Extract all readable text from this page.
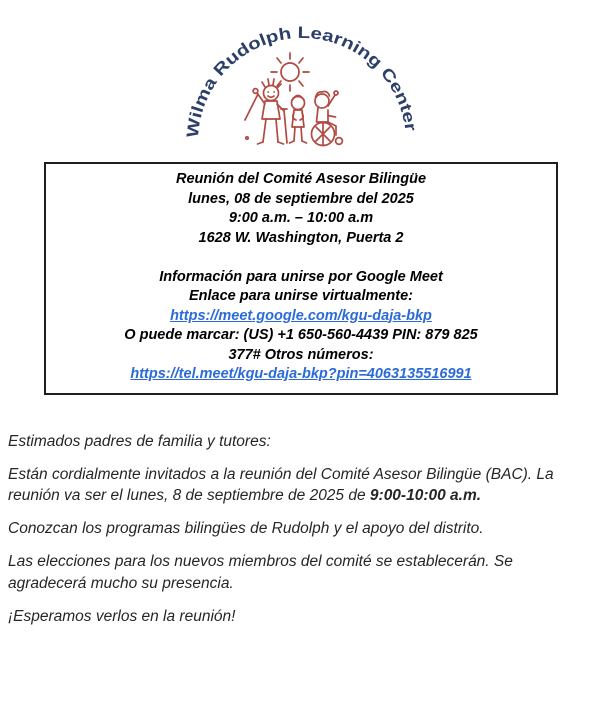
Wilma Rudolph Learning Center

Reunión del Comité Asesor Bilingüe

lunes, 08 de septiembre del 2025

9:00 a.m. – 10:00 a.m

1628 W. Washington, Puerta 2

Información para unirse por Google Meet

Enlace para unirse virtualmente:

https://meet.google.com/kgu-daja-bkp

O puede marcar: (US) +1 650-560-4439 PIN: 879 825

377# Otros números:

https://tel.meet/kgu-daja-bkp?pin=4063135516991

Estimados padres de familia y tutores:

Están cordialmente invitados a la reunión del Comité Asesor Bilingüe (BAC). La
reunión va ser el lunes, 8 de septiembre de 2025 de 9:00-10:00 a.m.

Conozcan los programas bilingües de Rudolph y el apoyo del distrito.

Las elecciones para los nuevos miembros del comité se establecerán. Se
agradecerá mucho su presencia.

¡Esperamos verlos en la reunión!
